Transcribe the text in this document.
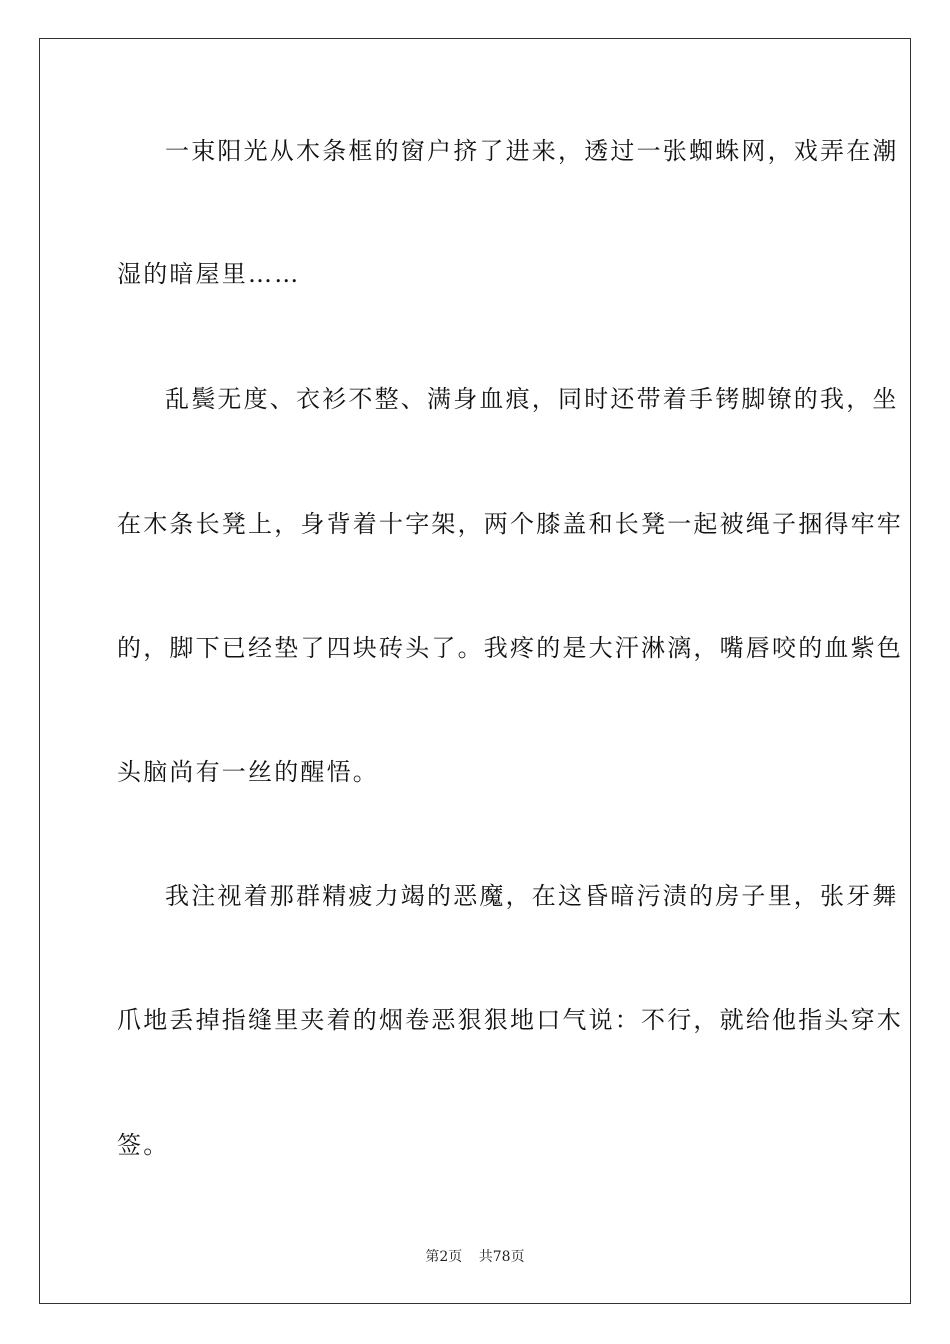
一束阳光从木条框的窗户挤了进来，透过一张蜘蛛网，戏弄在潮
湿的暗屋里……
乱鬓无度、衣衫不整、满身血痕，同时还带着手铐脚镣的我，坐
在木条长凳上，身背着十字架，两个膝盖和长凳一起被绳子捆得牢牢
的，脚下已经垫了四块砖头了。我疼的是大汗淋漓，嘴唇咬的血紫色
头脑尚有一丝的醒悟。
我注视着那群精疲力竭的恶魔，在这昏暗污渍的房子里，张牙舞
爪地丢掉指缝里夹着的烟卷恶狠狠地口气说：不行，就给他指头穿木
签。
第2页 共78页
